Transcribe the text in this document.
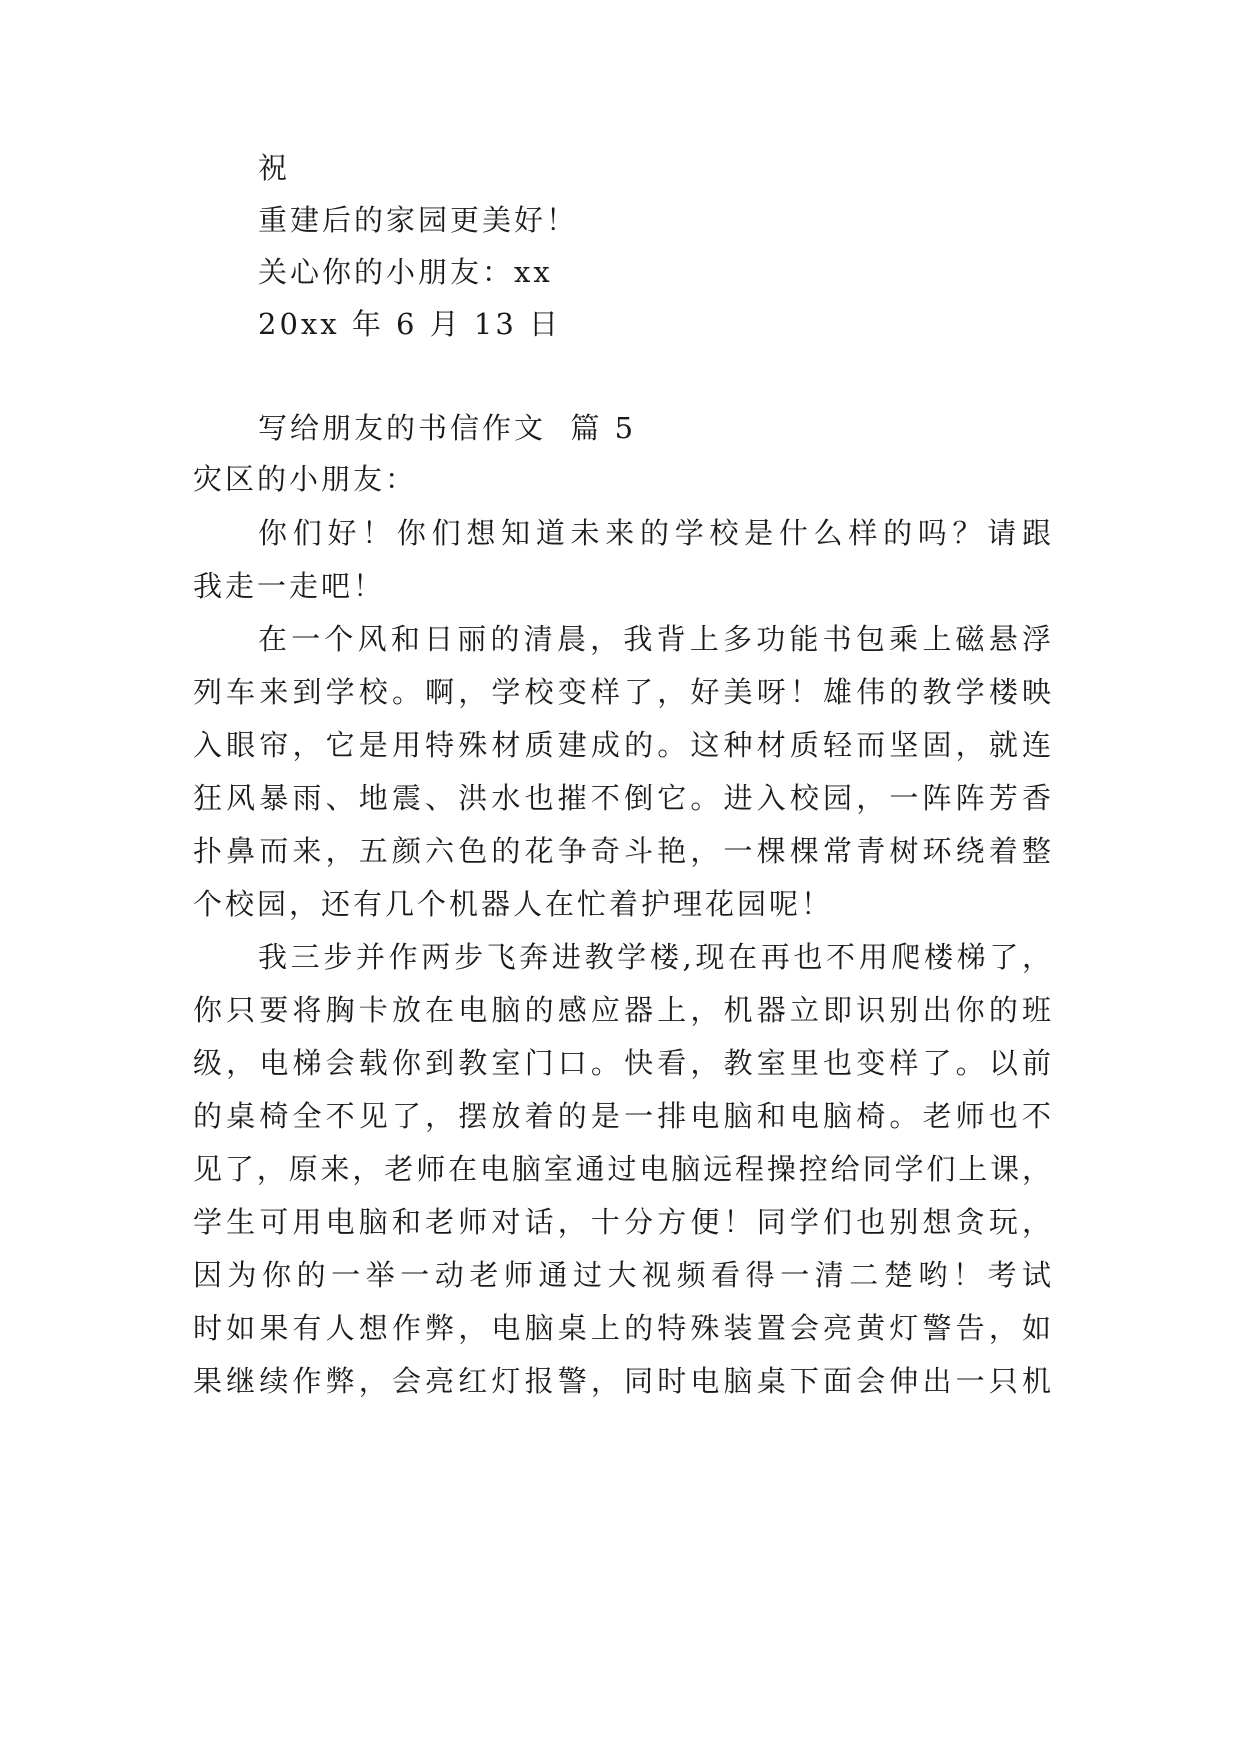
祝
重建后的家园更美好！
关心你的小朋友：xx
20xx 年 6 月 13 日
写给朋友的书信作文  篇 5
灾区的小朋友：
你们好！你们想知道未来的学校是什么样的吗？请跟
我走一走吧！
在一个风和日丽的清晨，我背上多功能书包乘上磁悬浮
列车来到学校。啊，学校变样了，好美呀！雄伟的教学楼映
入眼帘，它是用特殊材质建成的。这种材质轻而坚固，就连
狂风暴雨、地震、洪水也摧不倒它。进入校园，一阵阵芳香
扑鼻而来，五颜六色的花争奇斗艳，一棵棵常青树环绕着整
个校园，还有几个机器人在忙着护理花园呢！
我三步并作两步飞奔进教学楼,现在再也不用爬楼梯了，
你只要将胸卡放在电脑的感应器上，机器立即识别出你的班
级，电梯会载你到教室门口。快看，教室里也变样了。以前
的桌椅全不见了，摆放着的是一排电脑和电脑椅。老师也不
见了，原来，老师在电脑室通过电脑远程操控给同学们上课，
学生可用电脑和老师对话，十分方便！同学们也别想贪玩，
因为你的一举一动老师通过大视频看得一清二楚哟！考试
时如果有人想作弊，电脑桌上的特殊装置会亮黄灯警告，如
果继续作弊，会亮红灯报警，同时电脑桌下面会伸出一只机
